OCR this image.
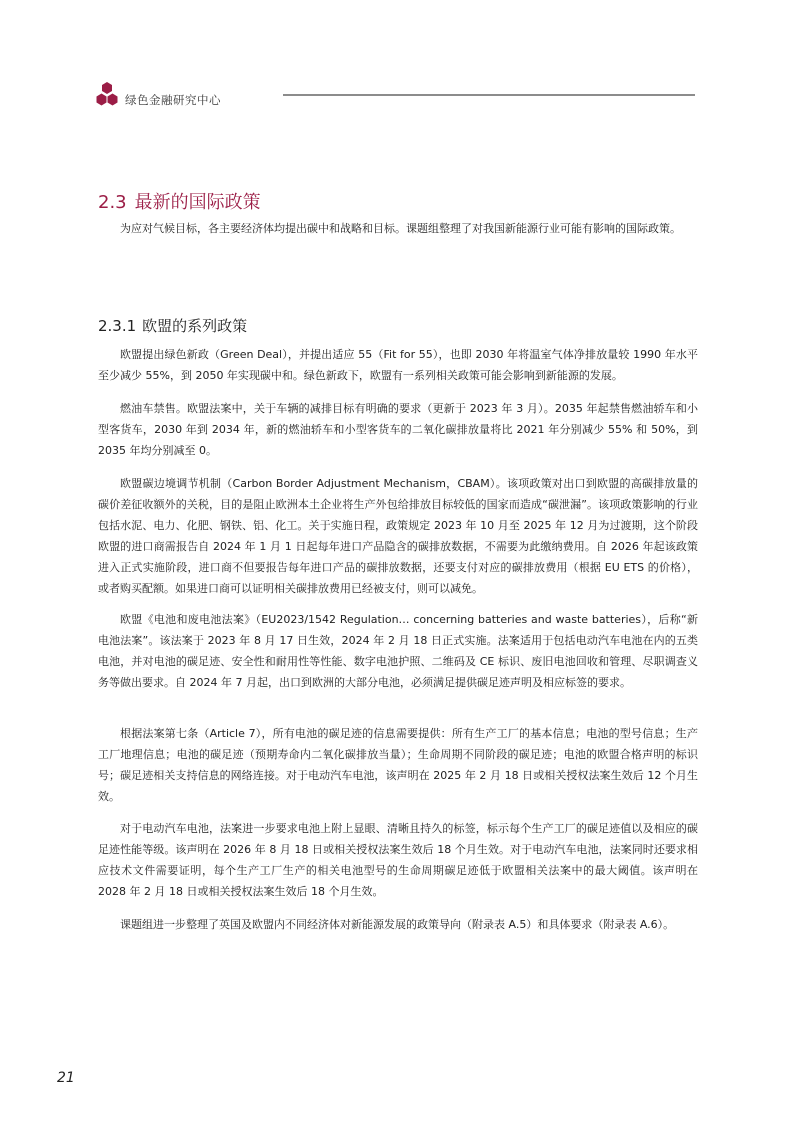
绿色金融研究中心
2.3 最新的国际政策

为应对气候目标，各主要经济体均提出碳中和战略和目标。课题组整理了对我国新能源行业可能有影响的国际政策。

2.3.1 欧盟的系列政策

欧盟提出绿色新政（Green Deal），并提出适应 55（Fit for 55），也即 2030 年将温室气体净排放量较 1990 年水平至少减少 55%，到 2050 年实现碳中和。绿色新政下，欧盟有一系列相关政策可能会影响到新能源的发展。

燃油车禁售。欧盟法案中，关于车辆的减排目标有明确的要求（更新于 2023 年 3 月）。2035 年起禁售燃油轿车和小型客货车，2030 年到 2034 年，新的燃油轿车和小型客货车的二氧化碳排放量将比 2021 年分别减少 55% 和 50%，到 2035 年均分别减至 0。

欧盟碳边境调节机制（Carbon Border Adjustment Mechanism，CBAM）。该项政策对出口到欧盟的高碳排放量的碳价差征收额外的关税，目的是阻止欧洲本土企业将生产外包给排放目标较低的国家而造成“碳泄漏”。该项政策影响的行业包括水泥、电力、化肥、钢铁、铝、化工。关于实施日程，政策规定 2023 年 10 月至 2025 年 12 月为过渡期，这个阶段欧盟的进口商需报告自 2024 年 1 月 1 日起每年进口产品隐含的碳排放数据，不需要为此缴纳费用。自 2026 年起该政策进入正式实施阶段，进口商不但要报告每年进口产品的碳排放数据，还要支付对应的碳排放费用（根据 EU ETS 的价格），或者购买配额。如果进口商可以证明相关碳排放费用已经被支付，则可以减免。

欧盟《电池和废电池法案》（EU2023/1542 Regulation… concerning batteries and waste batteries），后称“新电池法案”。该法案于 2023 年 8 月 17 日生效，2024 年 2 月 18 日正式实施。法案适用于包括电动汽车电池在内的五类电池，并对电池的碳足迹、安全性和耐用性等性能、数字电池护照、二维码及 CE 标识、废旧电池回收和管理、尽职调查义务等做出要求。自 2024 年 7 月起，出口到欧洲的大部分电池，必须满足提供碳足迹声明及相应标签的要求。

根据法案第七条（Article 7），所有电池的碳足迹的信息需要提供：所有生产工厂的基本信息；电池的型号信息；生产工厂地理信息；电池的碳足迹（预期寿命内二氧化碳排放当量）；生命周期不同阶段的碳足迹；电池的欧盟合格声明的标识号；碳足迹相关支持信息的网络连接。对于电动汽车电池，该声明在 2025 年 2 月 18 日或相关授权法案生效后 12 个月生效。

对于电动汽车电池，法案进一步要求电池上附上显眼、清晰且持久的标签，标示每个生产工厂的碳足迹值以及相应的碳足迹性能等级。该声明在 2026 年 8 月 18 日或相关授权法案生效后 18 个月生效。对于电动汽车电池，法案同时还要求相应技术文件需要证明，每个生产工厂生产的相关电池型号的生命周期碳足迹低于欧盟相关法案中的最大阈值。该声明在 2028 年 2 月 18 日或相关授权法案生效后 18 个月生效。

课题组进一步整理了英国及欧盟内不同经济体对新能源发展的政策导向（附录表 A.5）和具体要求（附录表 A.6）。

21
